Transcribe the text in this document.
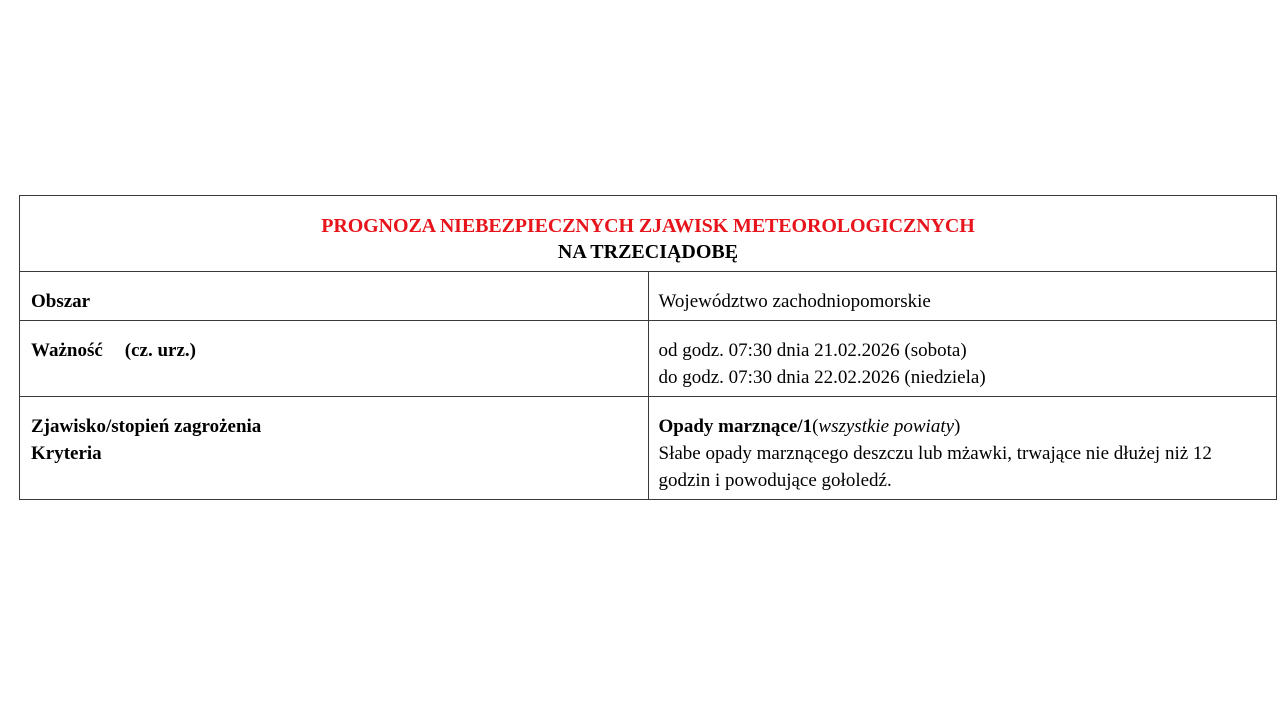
PROGNOZA NIEBEZPIECZNYCH ZJAWISK METEOROLOGICZNYCH
NA TRZECIĄDOBĘ	

Obszar	Województwo zachodniopomorskie
Ważność (cz. urz.)	od godz. 07:30 dnia 21.02.2026 (sobota)
do godz. 07:30 dnia 22.02.2026 (niedziela)

Zjawisko/stopień zagrożenia
Kryteria	Opady marznące/1(wszystkie powiaty)
Słabe opady marznącego deszczu lub mżawki, trwające nie dłużej niż 12 godzin i powodujące gołoledź.
